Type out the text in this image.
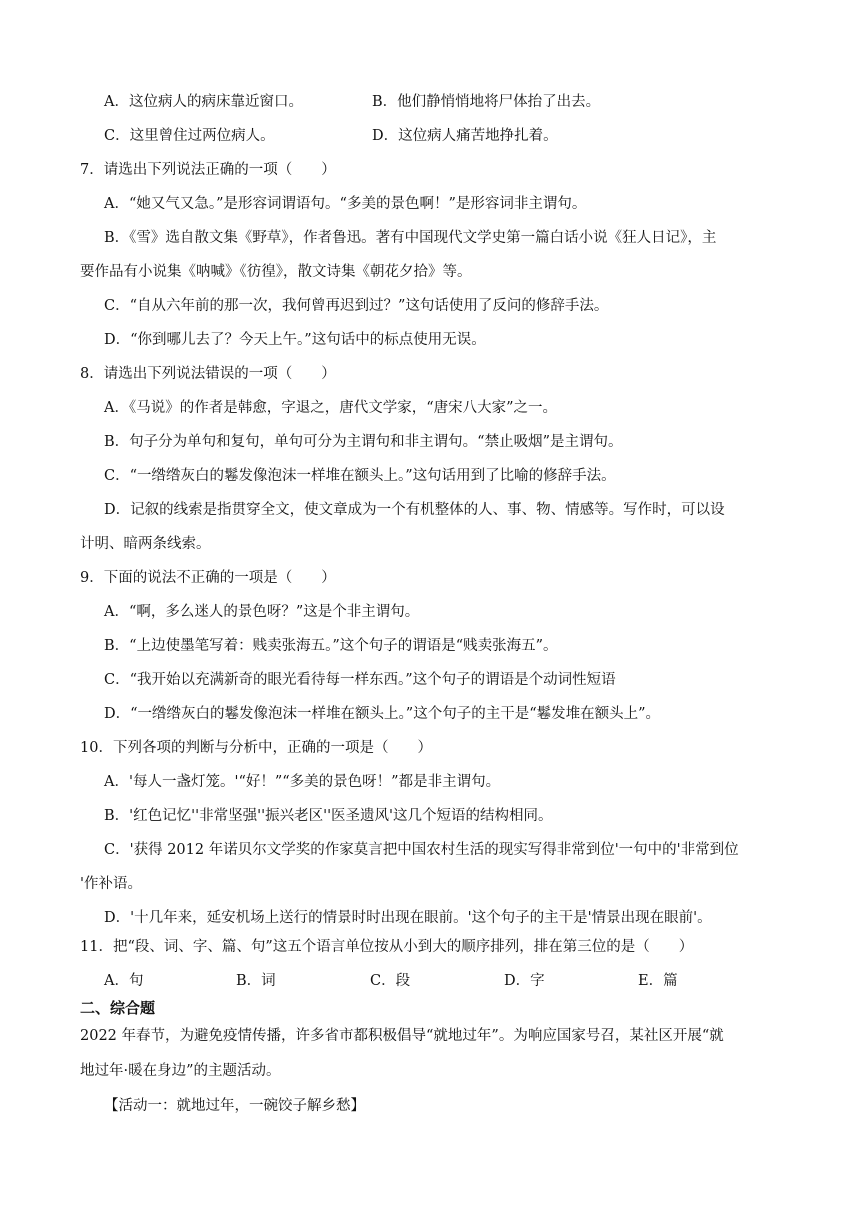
A．这位病人的病床靠近窗口。	B．他们静悄悄地将尸体抬了出去。
C．这里曾住过两位病人。	D．这位病人痛苦地挣扎着。
7．请选出下列说法正确的一项（　　）
A．“她又气又急。”是形容词谓语句。“多美的景色啊！”是形容词非主谓句。
B．《雪》选自散文集《野草》，作者鲁迅。著有中国现代文学史第一篇白话小说《狂人日记》，主
要作品有小说集《呐喊》《彷徨》，散文诗集《朝花夕拾》等。
C．“自从六年前的那一次，我何曾再迟到过？”这句话使用了反问的修辞手法。
D．“你到哪儿去了？今天上午。”这句话中的标点使用无误。
8．请选出下列说法错误的一项（　　）
A．《马说》的作者是韩愈，字退之，唐代文学家，“唐宋八大家”之一。
B．句子分为单句和复句，单句可分为主谓句和非主谓句。“禁止吸烟”是主谓句。
C．“一绺绺灰白的鬈发像泡沫一样堆在额头上。”这句话用到了比喻的修辞手法。
D．记叙的线索是指贯穿全文，使文章成为一个有机整体的人、事、物、情感等。写作时，可以设
计明、暗两条线索。
9．下面的说法不正确的一项是（　　）
A．“啊，多么迷人的景色呀？”这是个非主谓句。
B．“上边使墨笔写着：贱卖张海五。”这个句子的谓语是“贱卖张海五”。
C．“我开始以充满新奇的眼光看待每一样东西。”这个句子的谓语是个动词性短语
D．“一绺绺灰白的鬈发像泡沫一样堆在额头上。”这个句子的主干是“鬈发堆在额头上”。
10．下列各项的判断与分析中，正确的一项是（　　）
A．'每人一盏灯笼。'“好！”“多美的景色呀！”都是非主谓句。
B．'红色记忆''非常坚强''振兴老区''医圣遗风'这几个短语的结构相同。
C．'获得 2012 年诺贝尔文学奖的作家莫言把中国农村生活的现实写得非常到位'一句中的'非常到位
'作补语。
D．'十几年来，延安机场上送行的情景时时出现在眼前。'这个句子的主干是'情景出现在眼前'。
11．把“段、词、字、篇、句”这五个语言单位按从小到大的顺序排列，排在第三位的是（　　）
A．句	B．词	C．段	D．字	E．篇
二、综合题
2022 年春节，为避免疫情传播，许多省市都积极倡导“就地过年”。为响应国家号召，某社区开展“就
地过年·暖在身边”的主题活动。
【活动一：就地过年，一碗饺子解乡愁】
